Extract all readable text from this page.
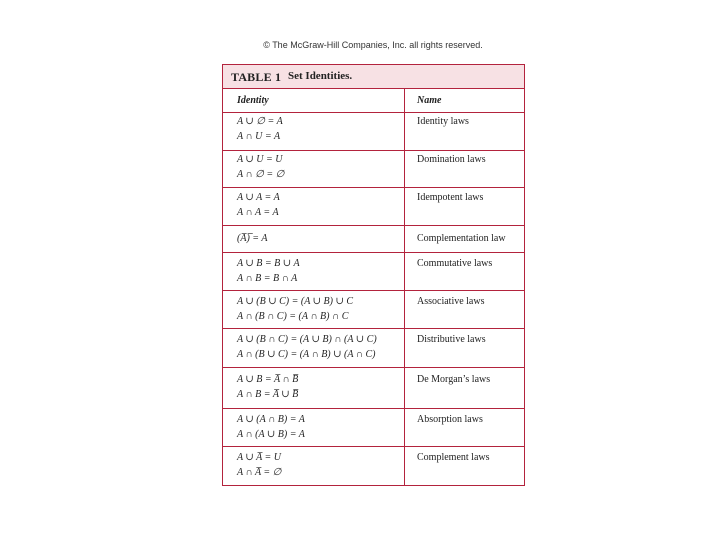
© The McGraw-Hill Companies, Inc. all rights reserved.
TABLE 1 Set Identities.
Identity	Name
A ∪ ∅ = A
A ∩ U = A
Identity laws
A ∪ U = U
A ∩ ∅ = ∅
Domination laws
A ∪ A = A
A ∩ A = A
Idempotent laws
(A̅)̅ = A	Complementation law
A ∪ B = B ∪ A
A ∩ B = B ∩ A
Commutative laws
A ∪ (B ∪ C) = (A ∪ B) ∪ C
A ∩ (B ∩ C) = (A ∩ B) ∩ C
Associative laws
A ∪ (B ∩ C) = (A ∪ B) ∩ (A ∪ C)
A ∩ (B ∪ C) = (A ∩ B) ∪ (A ∩ C)
Distributive laws
A ∪ B = A̅ ∩ B̅
A ∩ B = A̅ ∪ B̅
De Morgan’s laws
A ∪ (A ∩ B) = A
A ∩ (A ∪ B) = A
Absorption laws
A ∪ A̅ = U
A ∩ A̅ = ∅
Complement laws
